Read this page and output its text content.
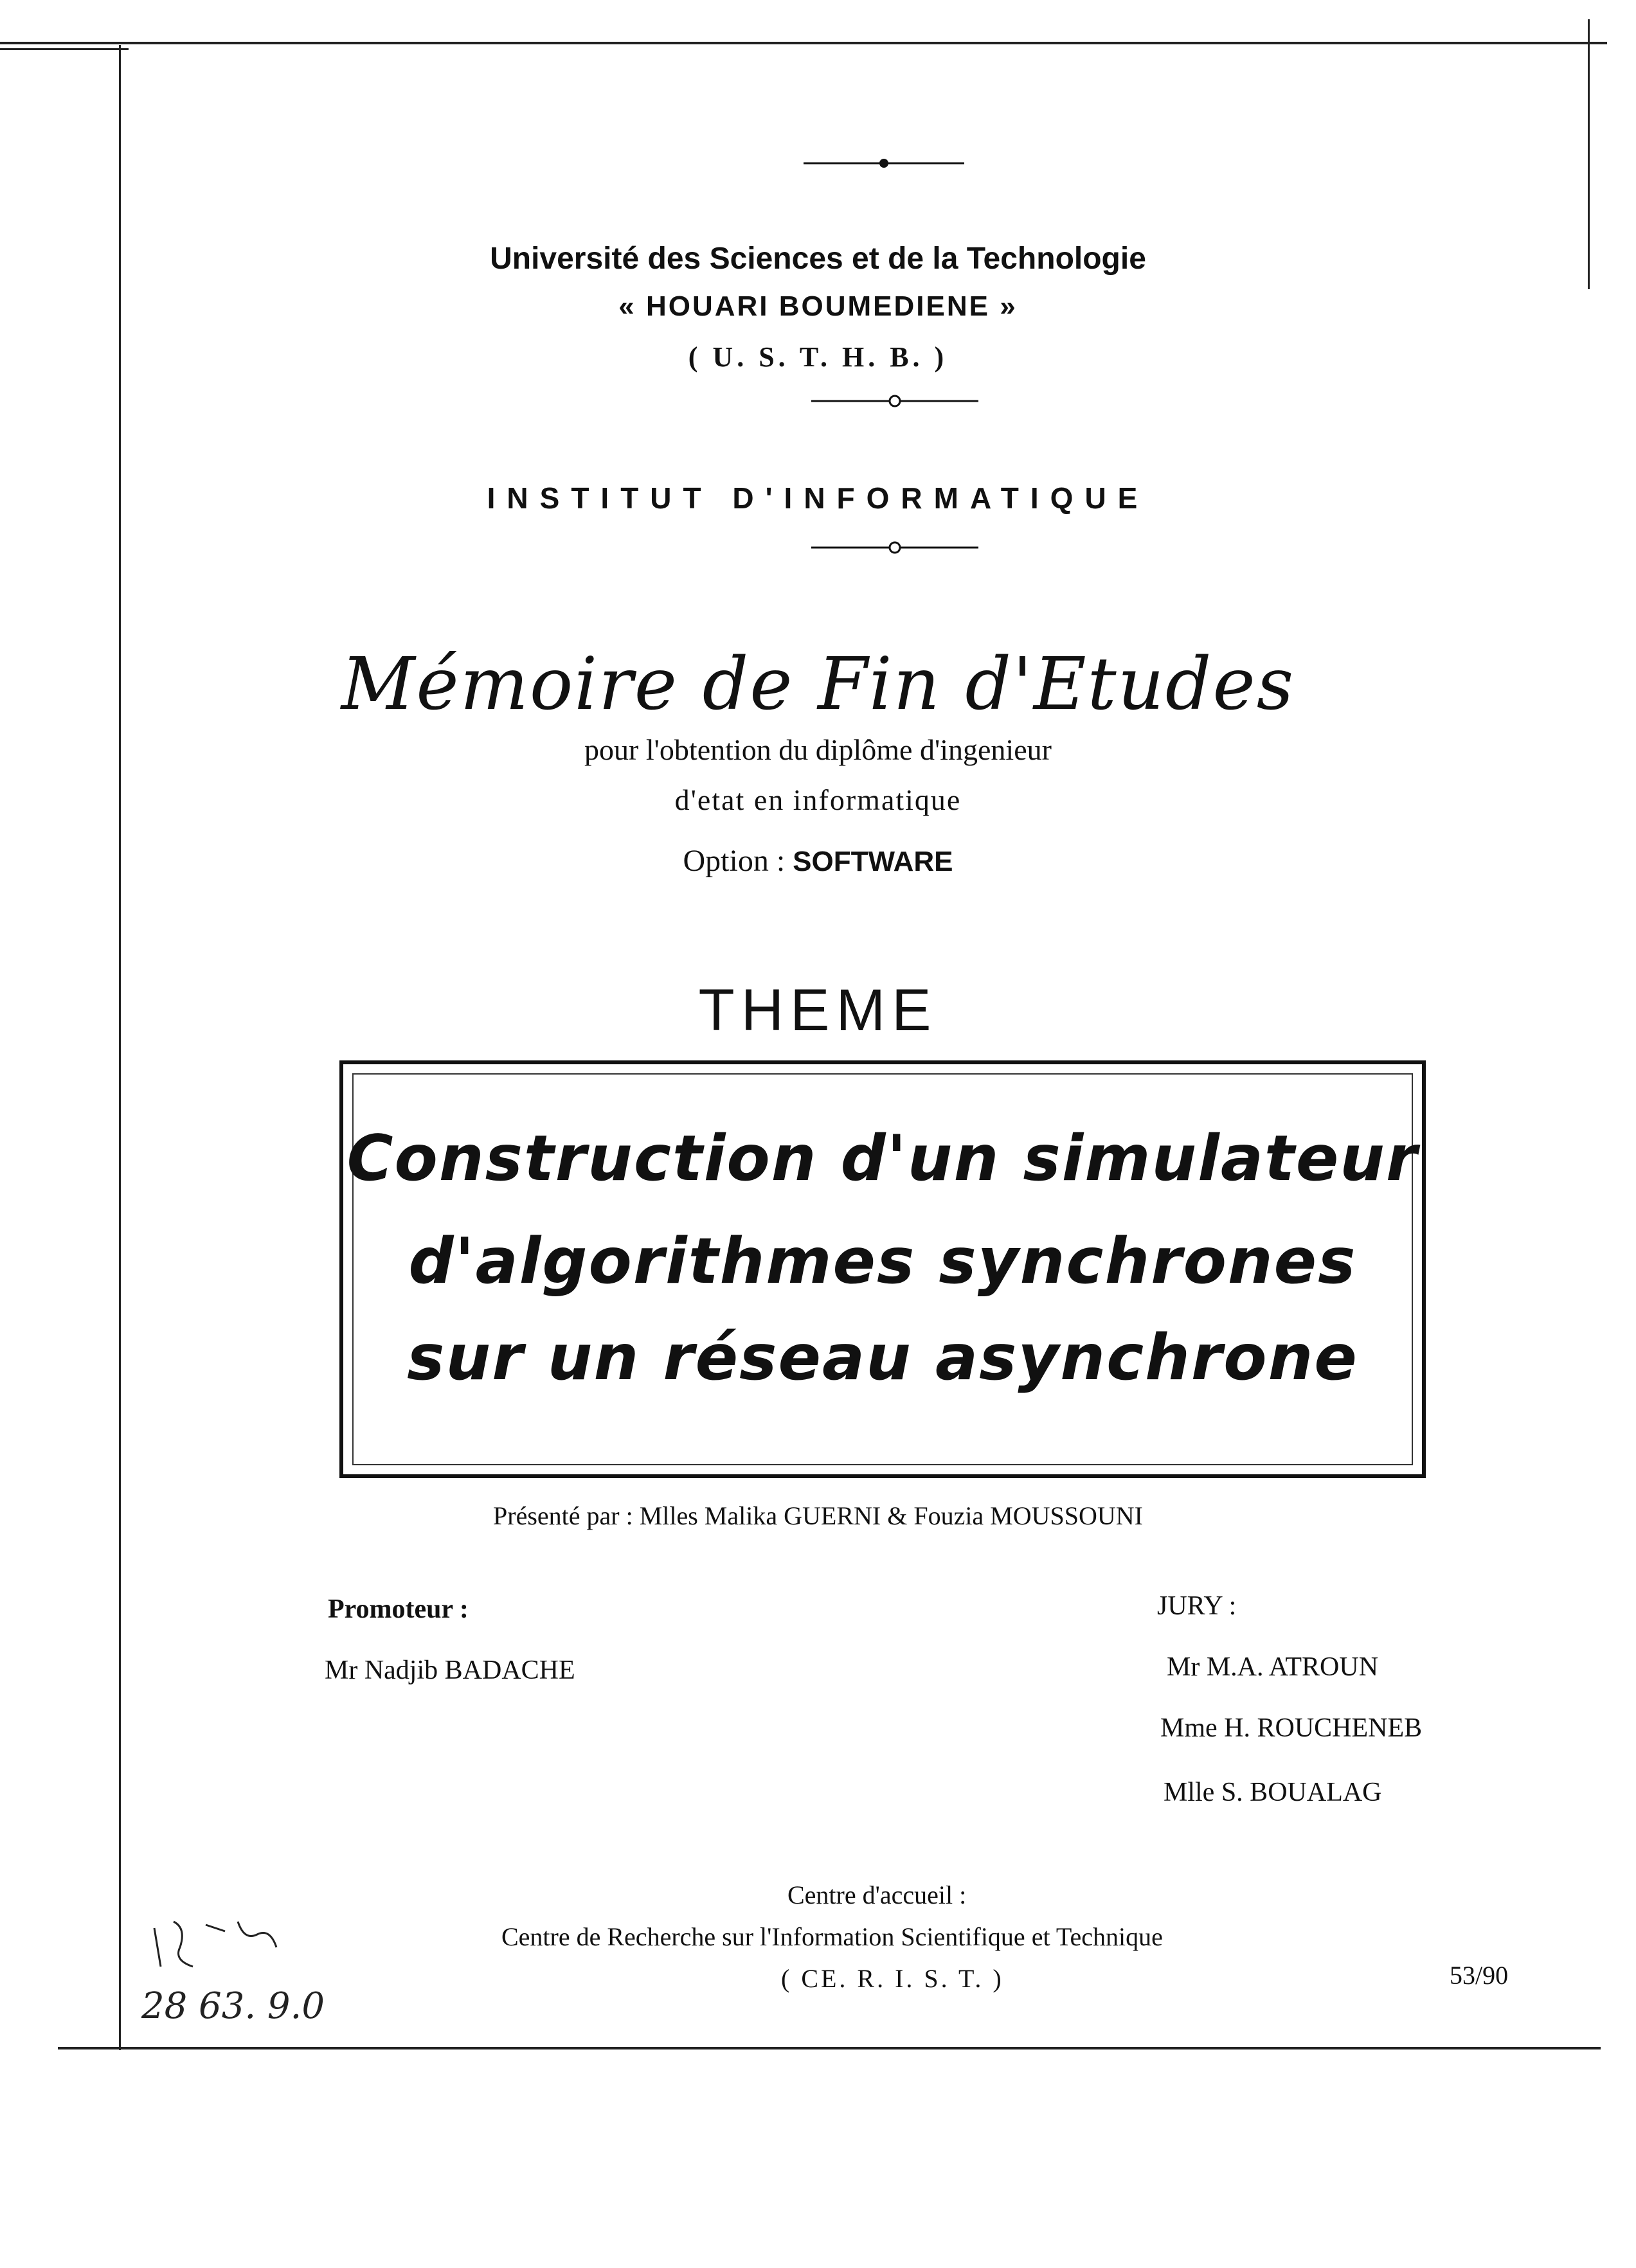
Université des Sciences et de la Technologie
« HOUARI BOUMEDIENE »
( U. S. T. H. B. )
INSTITUT D'INFORMATIQUE
Mémoire de Fin d'Etudes
pour l'obtention du diplôme d'ingenieur
d'etat en informatique
Option : SOFTWARE
THEME
Construction d'un simulateur
d'algorithmes synchrones
sur un réseau asynchrone
Présenté par : Mlles Malika GUERNI & Fouzia MOUSSOUNI
Promoteur :
Mr Nadjib BADACHE
JURY :
Mr M.A. ATROUN
Mme H. ROUCHENEB
Mlle S. BOUALAG
Centre d'accueil :
Centre de Recherche sur l'Information Scientifique et Technique
( CE. R. I. S. T. )	53/90
28 63. 9.0
